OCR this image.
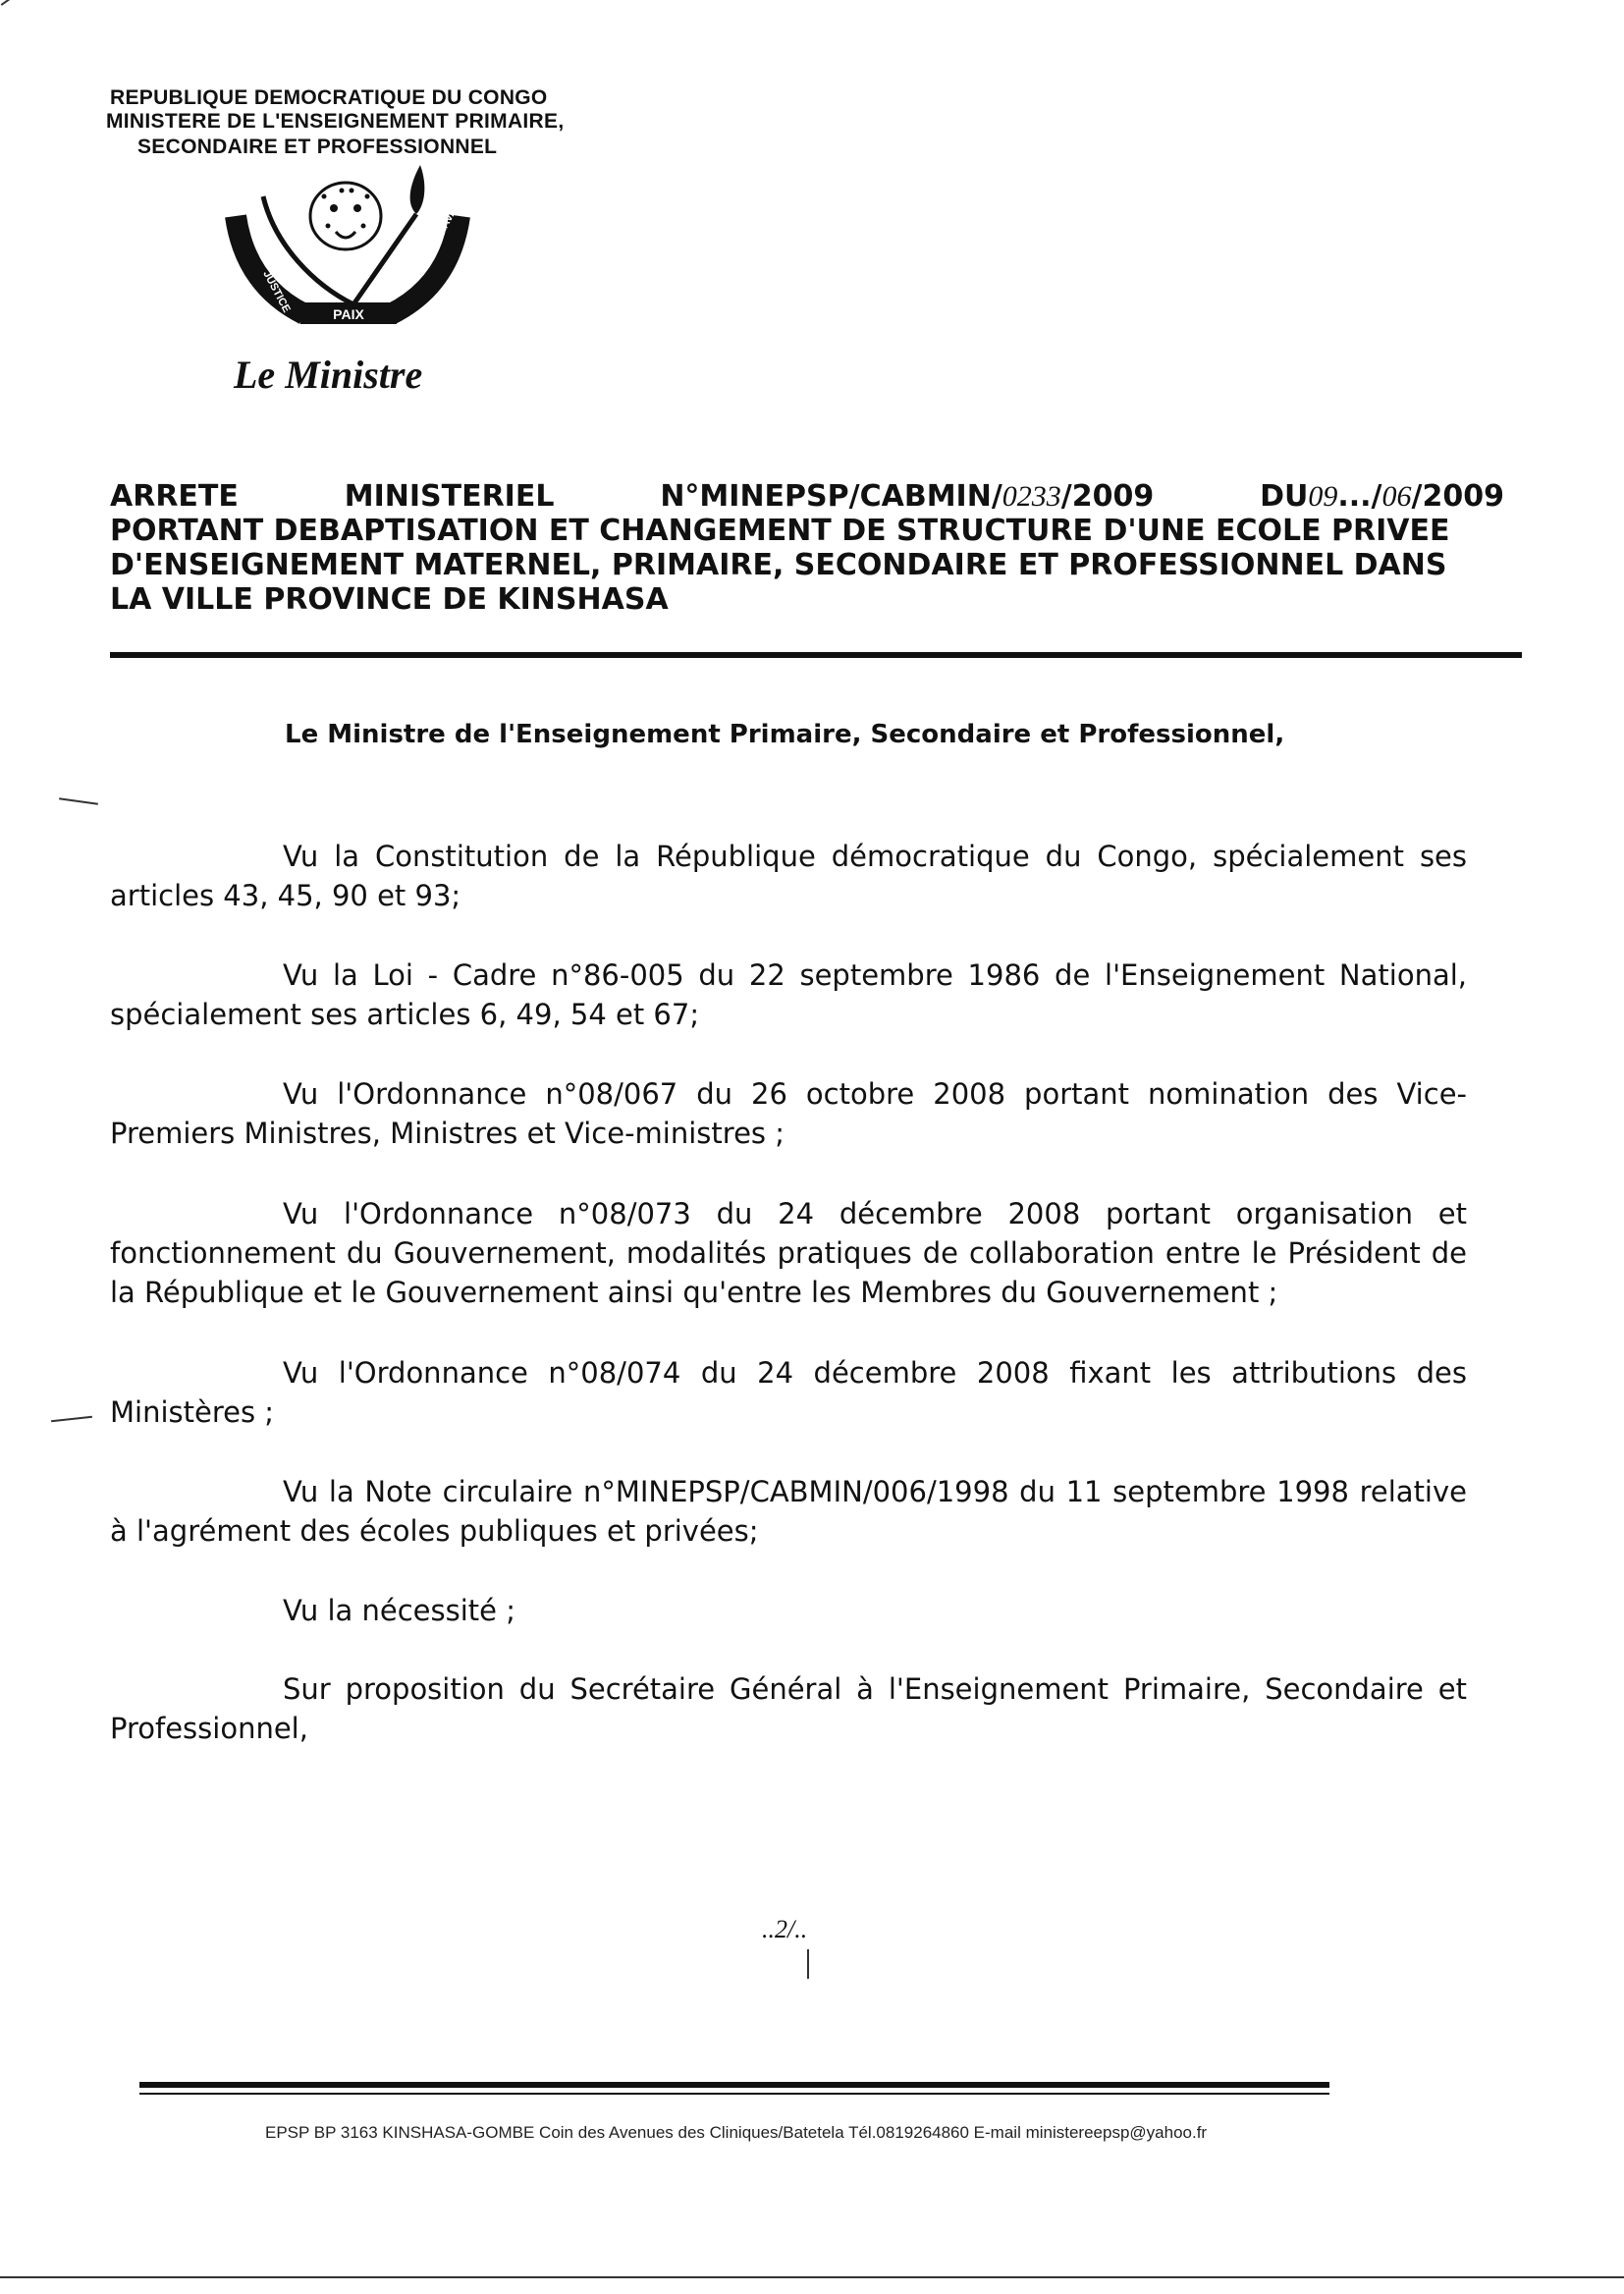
REPUBLIQUE DEMOCRATIQUE DU CONGO
MINISTERE DE L'ENSEIGNEMENT PRIMAIRE,
SECONDAIRE ET PROFESSIONNEL
PAIX
JUSTICE
TRAVAIL
Le Ministre
ARRETE	MINISTERIEL	N°MINEPSP/CABMIN/0233/2009	DU09.../06/2009
PORTANT DEBAPTISATION ET CHANGEMENT DE STRUCTURE D'UNE ECOLE PRIVEE
D'ENSEIGNEMENT MATERNEL, PRIMAIRE, SECONDAIRE ET PROFESSIONNEL DANS
LA VILLE PROVINCE DE KINSHASA
Le Ministre de l'Enseignement Primaire, Secondaire et Professionnel,
Vu la Constitution de la République démocratique du Congo, spécialement ses articles 43, 45, 90 et 93;
Vu la Loi - Cadre n°86-005 du 22 septembre 1986 de l'Enseignement National, spécialement ses articles 6, 49, 54 et 67;
Vu l'Ordonnance n°08/067 du 26 octobre 2008 portant nomination des Vice-Premiers Ministres, Ministres et Vice-ministres ;
Vu l'Ordonnance n°08/073 du 24 décembre 2008 portant organisation et fonctionnement du Gouvernement, modalités pratiques de collaboration entre le Président de la République et le Gouvernement ainsi qu'entre les Membres du Gouvernement ;
Vu l'Ordonnance n°08/074 du 24 décembre 2008 fixant les attributions des Ministères ;
Vu la Note circulaire n°MINEPSP/CABMIN/006/1998 du 11 septembre 1998 relative à l'agrément des écoles publiques et privées;
Vu la nécessité ;
Sur proposition du Secrétaire Général à l'Enseignement Primaire, Secondaire et Professionnel,
..2/..
EPSP BP 3163 KINSHASA-GOMBE Coin des Avenues des Cliniques/Batetela Tél.0819264860 E-mail ministereepsp@yahoo.fr
